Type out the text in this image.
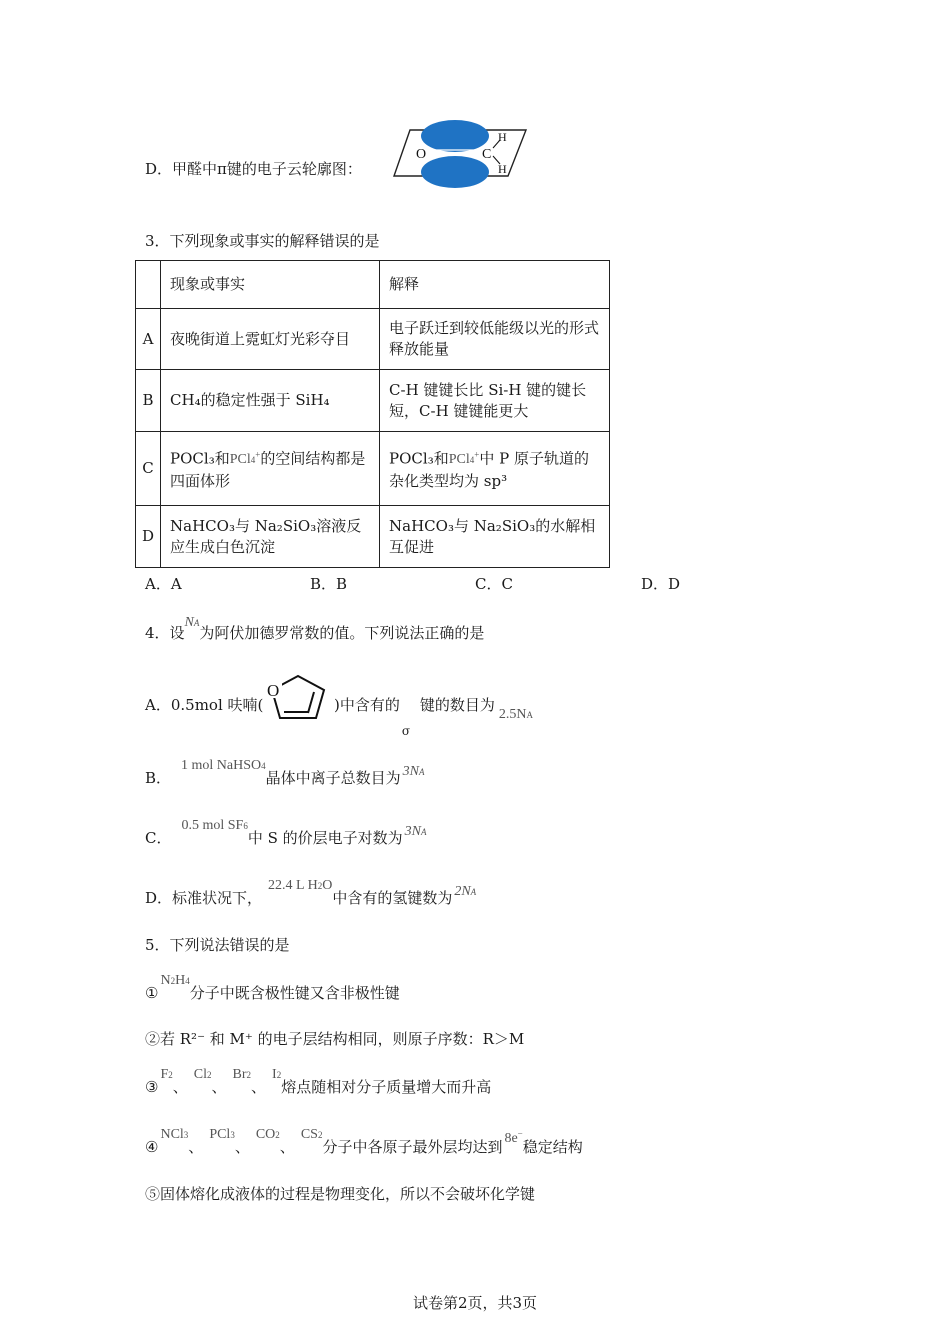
D．甲醛中π键的电子云轮廓图：
O	C
H
H
3．下列现象或事实的解释错误的是
	现象或事实	解释
A	夜晚街道上霓虹灯光彩夺目	电子跃迁到较低能级以光的形式释放能量
B	CH₄的稳定性强于 SiH₄	C-H 键键长比 Si-H 键的键长短，C-H 键键能更大
C	POCl₃和PCl4+的空间结构都是四面体形	POCl₃和PCl4+中 P 原子轨道的杂化类型均为 sp³
D	NaHCO₃与 Na₂SiO₃溶液反应生成白色沉淀	NaHCO₃与 Na₂SiO₃的水解相互促进
A．A	B．B	C．C	D．D
4．设NA为阿伏加德罗常数的值。下列说法正确的是
A．0.5mol 呋喃(
O
)中含有的
σ
键的数目为2.5NA
B．1 mol NaHSO4晶体中离子总数目为 3NA
C．0.5 mol SF6中 S 的价层电子对数为 3NA
D．标准状况下，22.4 L H2O中含有的氢键数为 2NA
5．下列说法错误的是
①N2H4分子中既含极性键又含非极性键
②若 R²⁻ 和 M⁺ 的电子层结构相同，则原子序数：R＞M
③F2、Cl2、Br2、I2熔点随相对分子质量增大而升高
④NCl3、PCl3、CO2、CS2分子中各原子最外层均达到 8e−稳定结构
⑤固体熔化成液体的过程是物理变化，所以不会破坏化学键
试卷第2页，共3页
